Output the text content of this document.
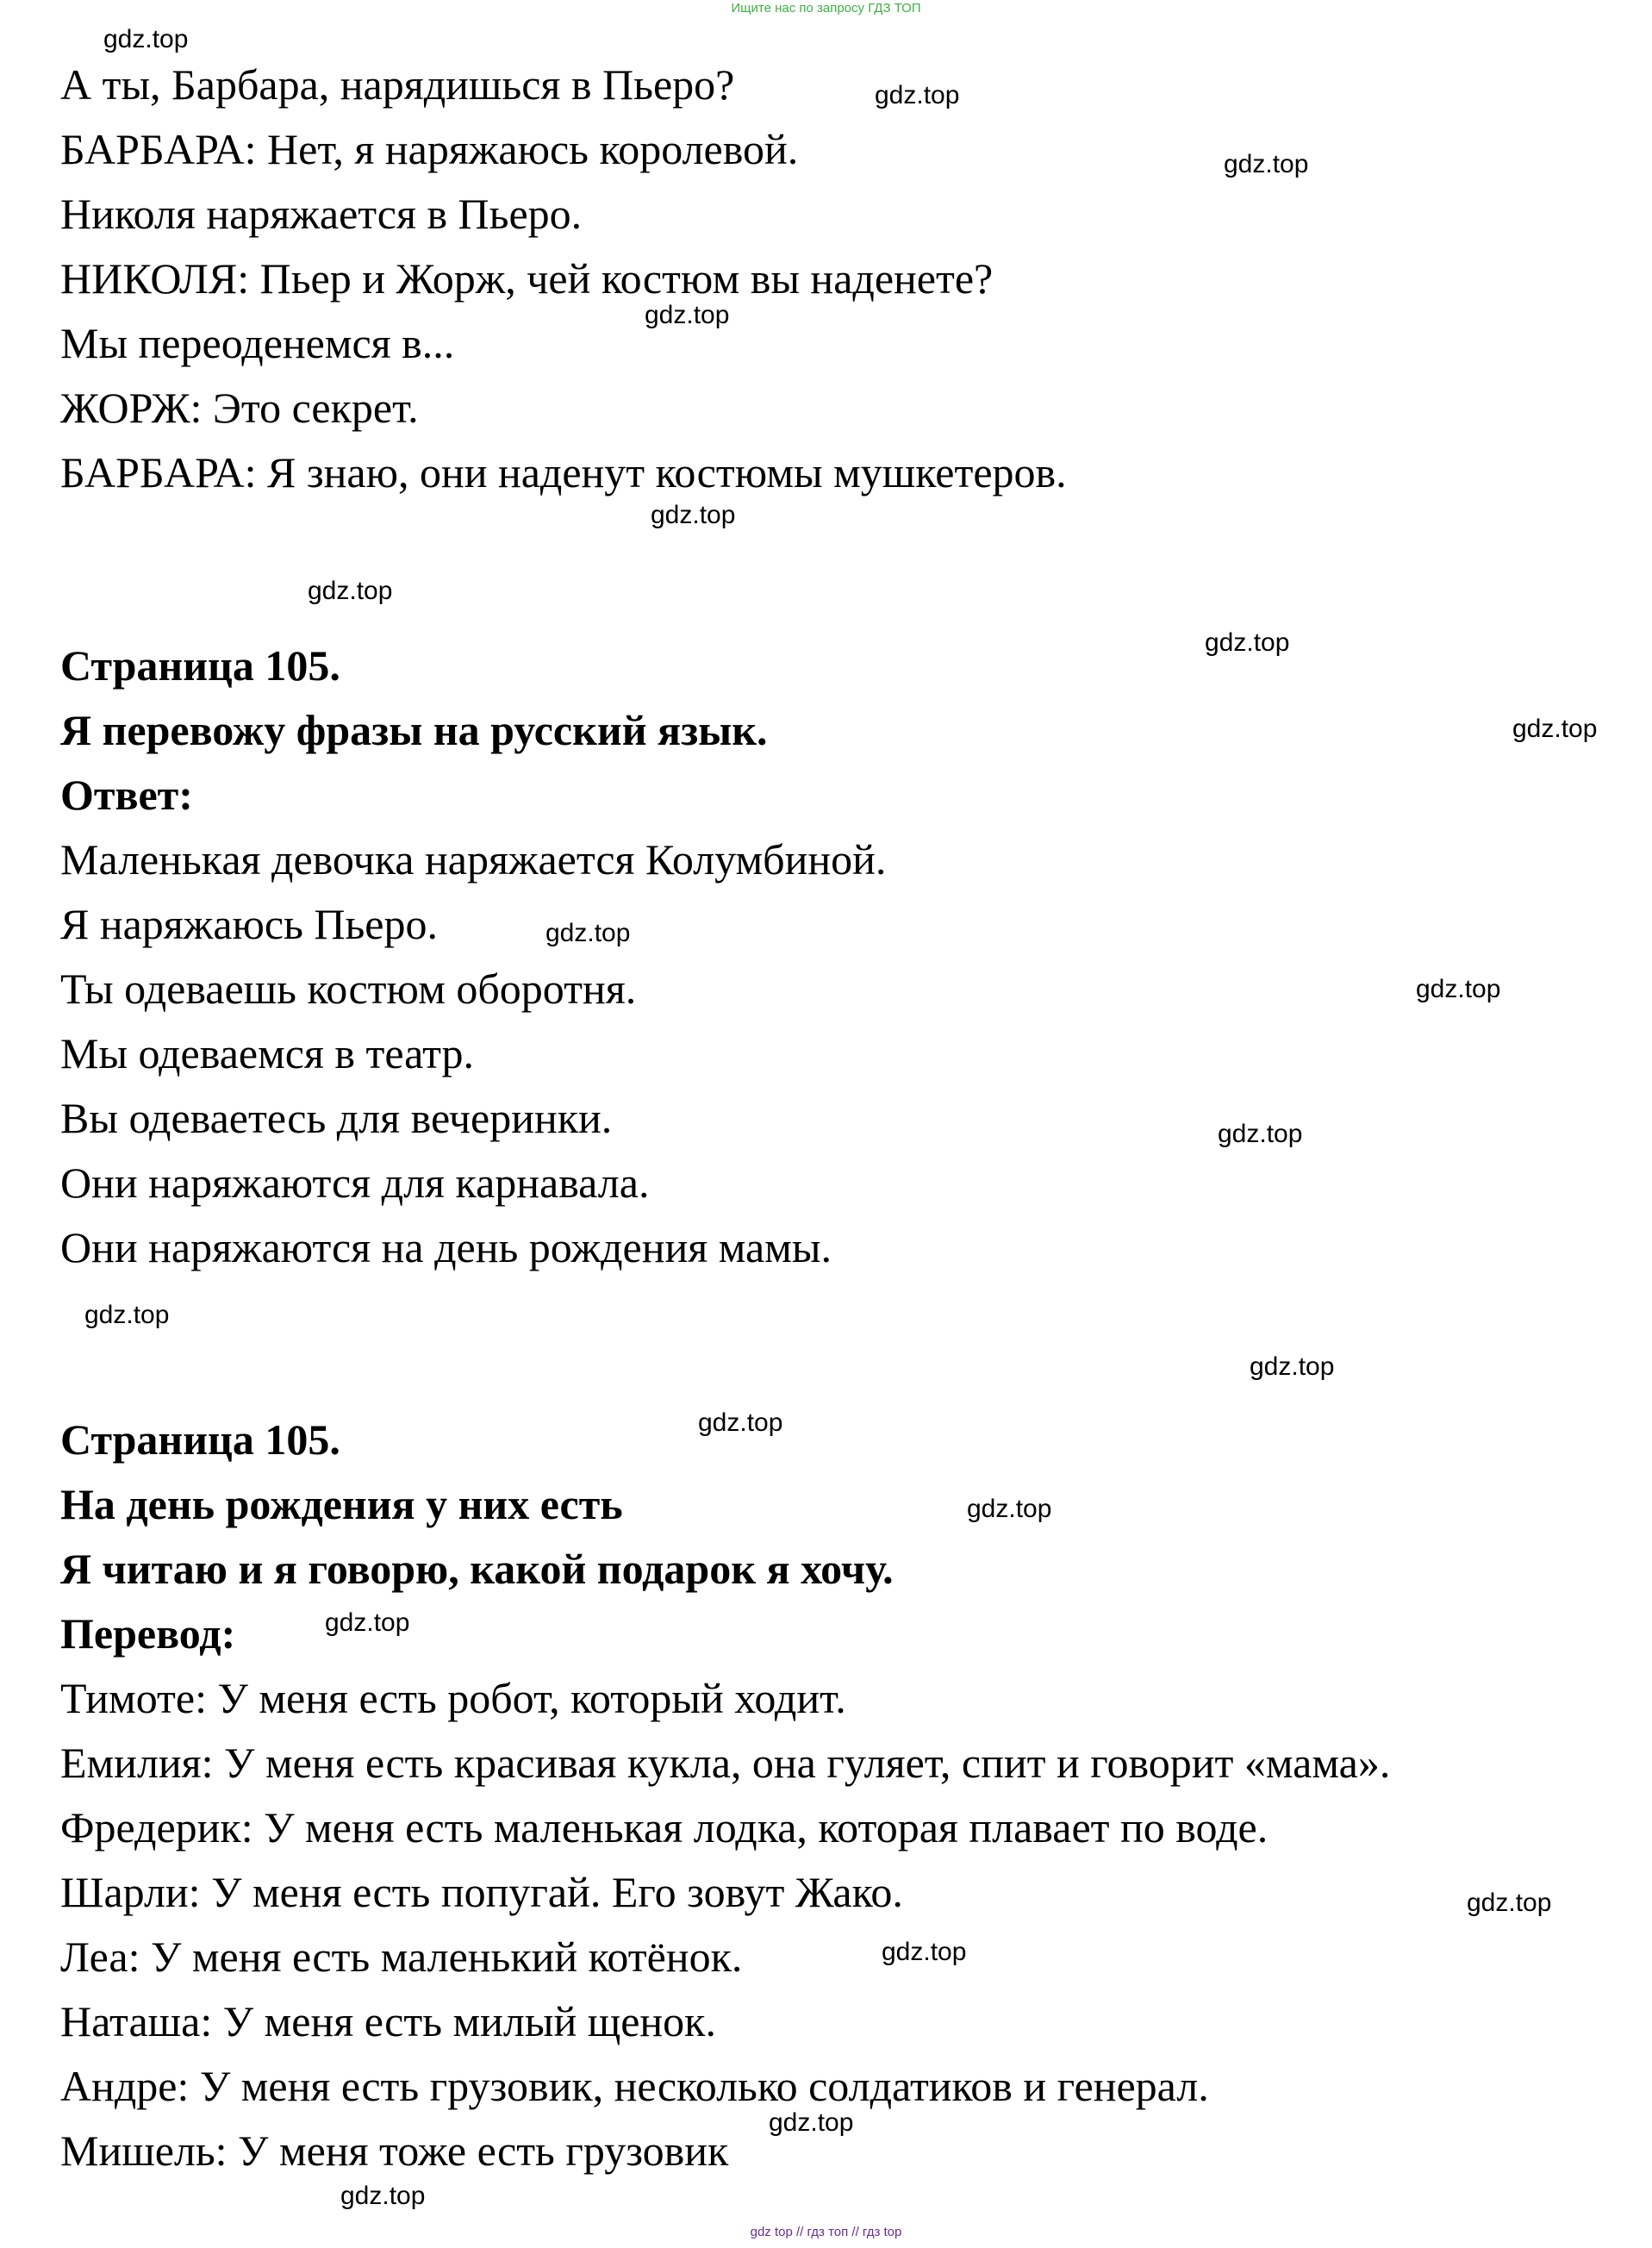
Ищите нас по запросу ГДЗ ТОП
А ты, Барбара, нарядишься в Пьеро?
БАРБАРА: Нет, я наряжаюсь королевой.
Николя наряжается в Пьеро.
НИКОЛЯ: Пьер и Жорж, чей костюм вы наденете?
Мы переоденемся в...
ЖОРЖ: Это секрет.
БАРБАРА: Я знаю, они наденут костюмы мушкетеров.
Страница 105.
Я перевожу фразы на русский язык.
Ответ:
Маленькая девочка наряжается Колумбиной.
Я наряжаюсь Пьеро.
Ты одеваешь костюм оборотня.
Мы одеваемся в театр.
Вы одеваетесь для вечеринки.
Они наряжаются для карнавала.
Они наряжаются на день рождения мамы.
Страница 105.
На день рождения у них есть
Я читаю и я говорю, какой подарок я хочу.
Перевод:
Тимоте: У меня есть робот, который ходит.
Емилия: У меня есть красивая кукла, она гуляет, спит и говорит «мама».
Фредерик: У меня есть маленькая лодка, которая плавает по воде.
Шарли: У меня есть попугай. Его зовут Жако.
Леа: У меня есть маленький котёнок.
Наташа: У меня есть милый щенок.
Андре: У меня есть грузовик, несколько солдатиков и генерал.
Мишель: У меня тоже есть грузовик
gdz.top
gdz.top
gdz.top
gdz.top
gdz.top
gdz.top
gdz.top
gdz.top
gdz.top
gdz.top
gdz.top
gdz.top
gdz.top
gdz.top
gdz.top
gdz.top
gdz.top
gdz.top
gdz.top
gdz.top
gdz top // гдз топ // гдз top
